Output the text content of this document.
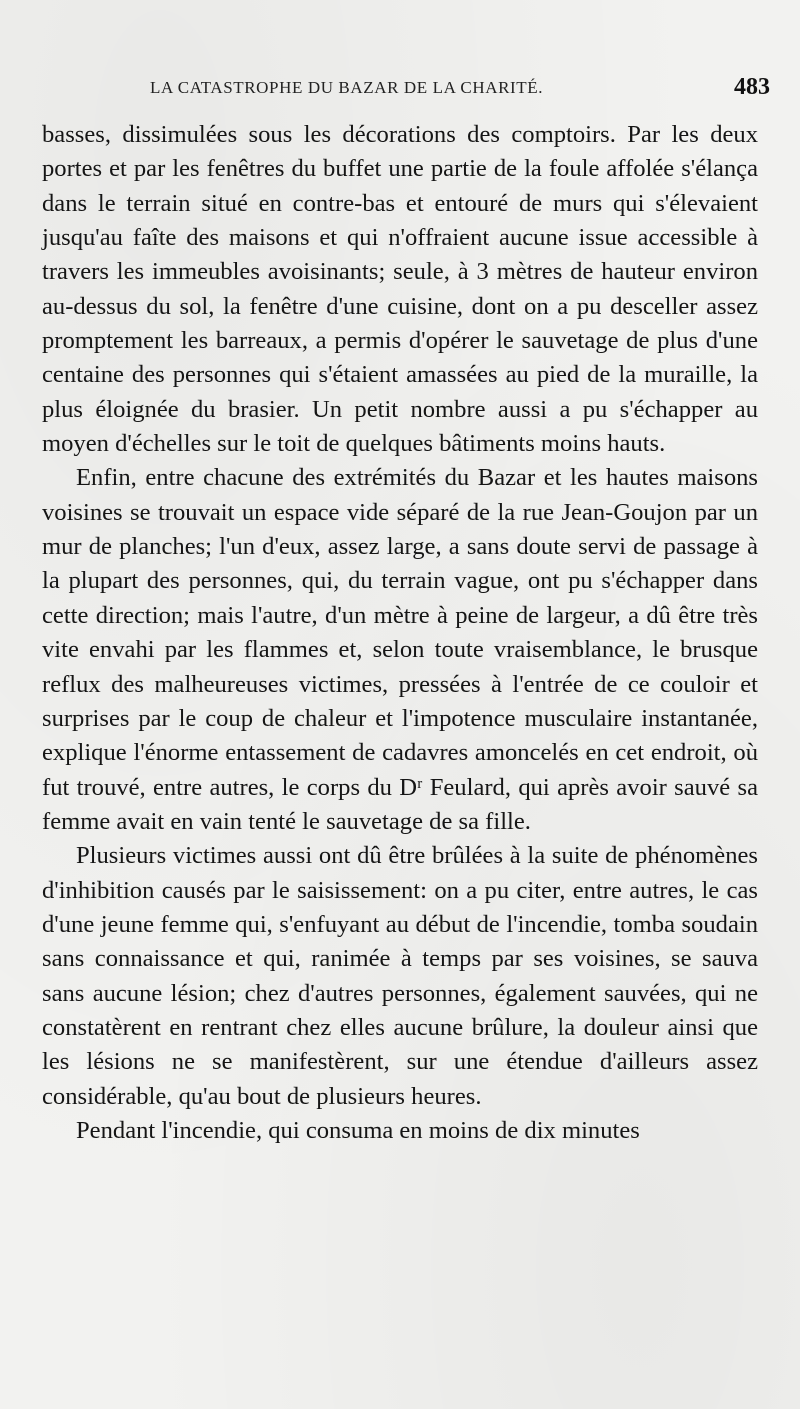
LA CATASTROPHE DU BAZAR DE LA CHARITÉ.	483

basses, dissimulées sous les décorations des comptoirs. Par les deux portes et par les fenêtres du buffet une partie de la foule affolée s'élança dans le terrain situé en contre-bas et entouré de murs qui s'élevaient jusqu'au faîte des maisons et qui n'offraient aucune issue accessible à travers les immeubles avoisinants; seule, à 3 mètres de hauteur environ au-dessus du sol, la fenêtre d'une cuisine, dont on a pu desceller assez promptement les barreaux, a permis d'opérer le sauvetage de plus d'une centaine des personnes qui s'étaient amassées au pied de la muraille, la plus éloignée du brasier. Un petit nombre aussi a pu s'échapper au moyen d'échelles sur le toit de quelques bâtiments moins hauts.

Enfin, entre chacune des extrémités du Bazar et les hautes maisons voisines se trouvait un espace vide séparé de la rue Jean-Goujon par un mur de planches; l'un d'eux, assez large, a sans doute servi de passage à la plupart des personnes, qui, du terrain vague, ont pu s'échapper dans cette direction; mais l'autre, d'un mètre à peine de largeur, a dû être très vite envahi par les flammes et, selon toute vraisemblance, le brusque reflux des malheureuses victimes, pressées à l'entrée de ce couloir et surprises par le coup de chaleur et l'impotence musculaire instantanée, explique l'énorme entassement de cadavres amoncelés en cet endroit, où fut trouvé, entre autres, le corps du Dʳ Feulard, qui après avoir sauvé sa femme avait en vain tenté le sauvetage de sa fille.

Plusieurs victimes aussi ont dû être brûlées à la suite de phénomènes d'inhibition causés par le saisissement: on a pu citer, entre autres, le cas d'une jeune femme qui, s'enfuyant au début de l'incendie, tomba soudain sans connaissance et qui, ranimée à temps par ses voisines, se sauva sans aucune lésion; chez d'autres personnes, également sauvées, qui ne constatèrent en rentrant chez elles aucune brûlure, la douleur ainsi que les lésions ne se manifestèrent, sur une étendue d'ailleurs assez considérable, qu'au bout de plusieurs heures.

Pendant l'incendie, qui consuma en moins de dix minutes
